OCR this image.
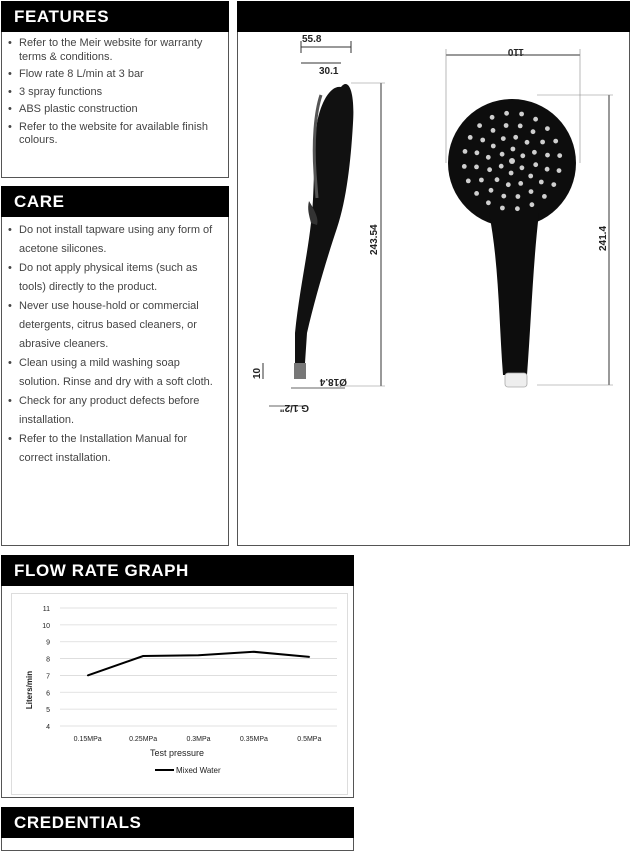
FEATURES
• Refer to the Meir website for warranty terms & conditions.
• Flow rate 8 L/min at 3 bar
• 3 spray functions
• ABS plastic construction
• Refer to the website for available finish colours.
CARE
• Do not install tapware using any form of acetone silicones.
• Do not apply physical items (such as tools) directly to the product.
• Never use house-hold or commercial detergents, citrus based cleaners, or abrasive cleaners.
• Clean using a mild washing soap solution. Rinse and dry with a soft cloth.
• Check for any product defects before installation.
• Refer to the Installation Manual for correct installation.
55.8
30.1
243.54
10
Ø18.4
G 1/2"
110
241.4
FLOW RATE GRAPH
4
5
6
7
8
9
10
11
0.15MPa	0.25MPa	0.3MPa	0.35MPa	0.5MPa
Test pressure
Liters/min
Mixed Water
CREDENTIALS
